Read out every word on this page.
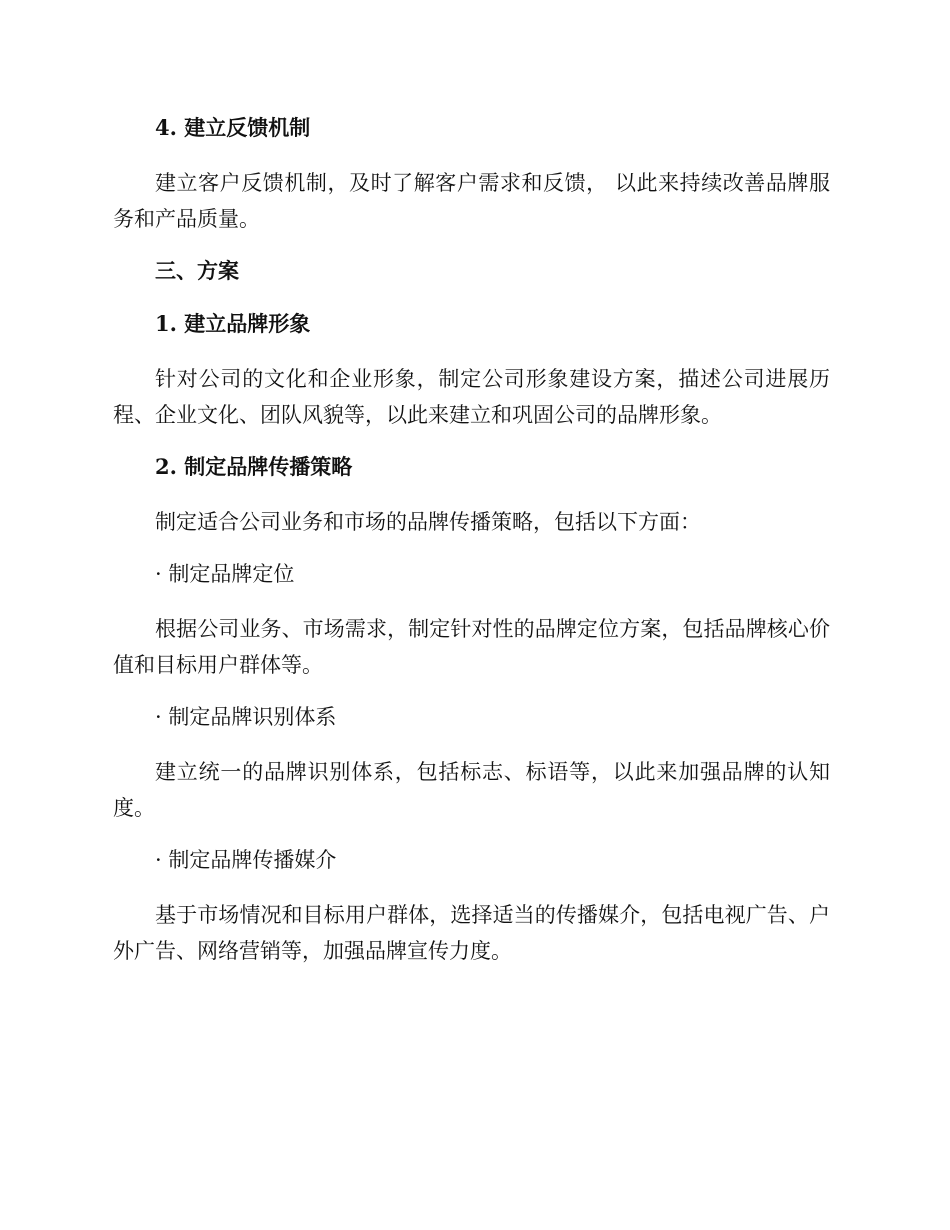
4. 建立反馈机制

建立客户反馈机制，及时了解客户需求和反馈， 以此来持续改善品牌服务和产品质量。

三、方案
1. 建立品牌形象

针对公司的文化和企业形象，制定公司形象建设方案，描述公司进展历程、企业文化、团队风貌等，以此来建立和巩固公司的品牌形象。

2. 制定品牌传播策略

制定适合公司业务和市场的品牌传播策略，包括以下方面：

· 制定品牌定位

根据公司业务、市场需求，制定针对性的品牌定位方案，包括品牌核心价值和目标用户群体等。

· 制定品牌识别体系

建立统一的品牌识别体系，包括标志、标语等，以此来加强品牌的认知度。

· 制定品牌传播媒介

基于市场情况和目标用户群体，选择适当的传播媒介，包括电视广告、户外广告、网络营销等，加强品牌宣传力度。
